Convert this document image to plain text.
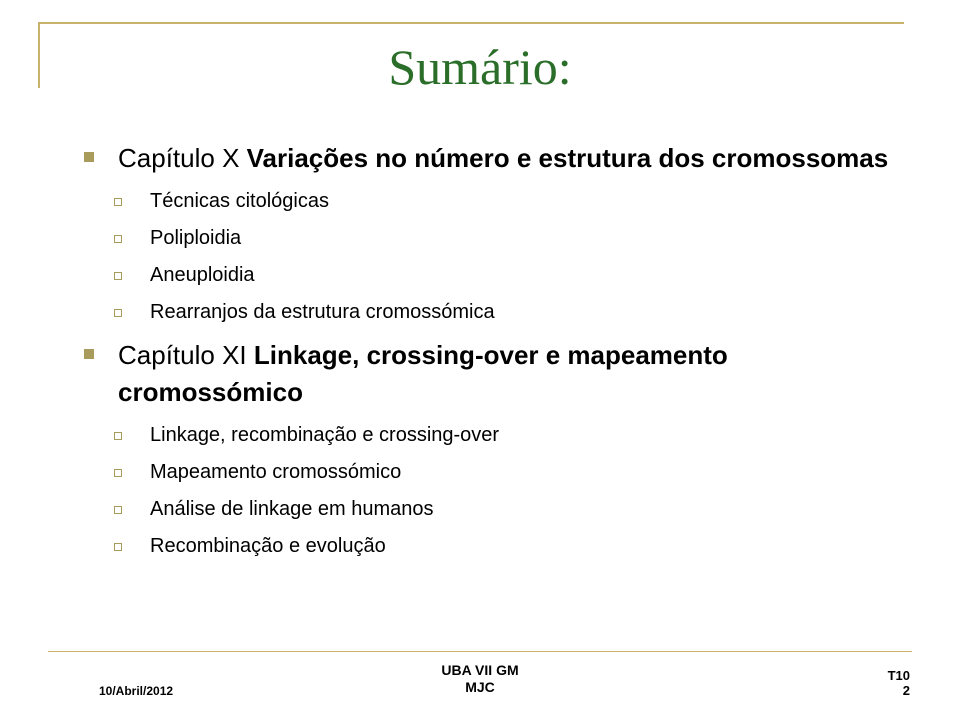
Sumário:
Capítulo X Variações no número e estrutura dos cromossomas
Técnicas citológicas
Poliploidia
Aneuploidia
Rearranjos da estrutura cromossómica
Capítulo XI Linkage, crossing-over e mapeamento cromossómico
Linkage, recombinação e crossing-over
Mapeamento cromossómico
Análise de linkage em humanos
Recombinação e evolução
10/Abril/2012
UBA VII GM
MJC
T10
2
